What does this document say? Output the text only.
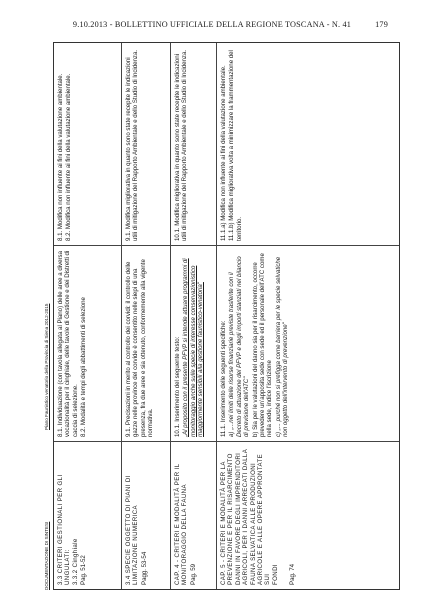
9.10.2013 - BOLLETTINO UFFICIALE DELLA REGIONE TOSCANA - N. 41	179
DOCUMENTAZIONE DI SINTESI
Piano Faunistico venatorio della Provincia di Siena 2012-2015
3.3 CRITERI GESTIONALI PER GLI UNGULATI: 3.3.2 Cinghiale Pag. 51-52
8.1. Individuazione (con tavola allegata al Piano) delle aree a diversa vocazionalità per il cinghiale, delle tavole di Gestione e dei Distretti di caccia di selezione. 8.2. Modalità e tempi degli abbattimenti di selezione
8.1. Modifica non influente ai fini della valutazione ambientale. 8.2. Modifica non influente ai fini della valutazione ambientale.
3.4 SPECIE OGGETTO DI PIANI DI LIMITAZIONE NUMERICA Pagg. 53-54
9.1. Precisazioni in merito al controllo dei corvidi: il controllo delle gazze nelle province del corvide è consentito nelle siepi di una presenza, fra due aree e sia ottenuto, conformemente alla vigente normativa.
9.1. Modifica migliorativa in quanto sono state recepite le indicazioni utili di mitigazione del Rapporto Ambientale e dello Studio di Incidenza.
CAP. 4 - CRITERI E MODALITÀ PER IL MONITORAGGIO DELLA FAUNA Pag. 59
10.1. Inserimento del seguente testo: „Al proposito con il presente PFVP si intende attuare programmi di monitoraggio anche sulle specie di interesse conservazionistico maggiormente sensibili alla gestione faunistico-venatoria"
10.1. Modifica migliorativa in quanto sono state recepite le indicazioni utili di mitigazione del Rapporto Ambientale e dello Studio di Incidenza.
CAP. 5 - CRITERI E MODALITÀ PER LA PREVENZIONE E PER IL RISARCIMENTO DANNI IN FAVORE DEGLI IMPRENDITORI AGRICOLI, PER I DANNI ARRECATI DALLA FAUNA SELVATICA ALLE PRODUZIONI AGRICOLE E ALLE OPERE APPRONTATE SUI FONDI Pag. 74
11.1. Inserimento delle seguenti specifiche: a) „...nei limiti delle risorse finanziarie previste trasferite con il Decreto di attuazione del PFVP e degli importi stanziati nel bilancio di previsione dell'ATC" b) Sia per le valutazioni del danno sia per il risarcimento, occorre prevedere un’apposita sede con sede ed il personale dell’ATC come nella sede, indice l’iscrizione c) „... purché non si prefigga come barriera per le specie selvatiche non oggetto dell'intervento di prevenzione"
11.1.a) Modifica non influente ai fini della valutazione ambientale. 11.1.b) Modifica migliorativa volta a minimizzare la frammentazione del territorio.
